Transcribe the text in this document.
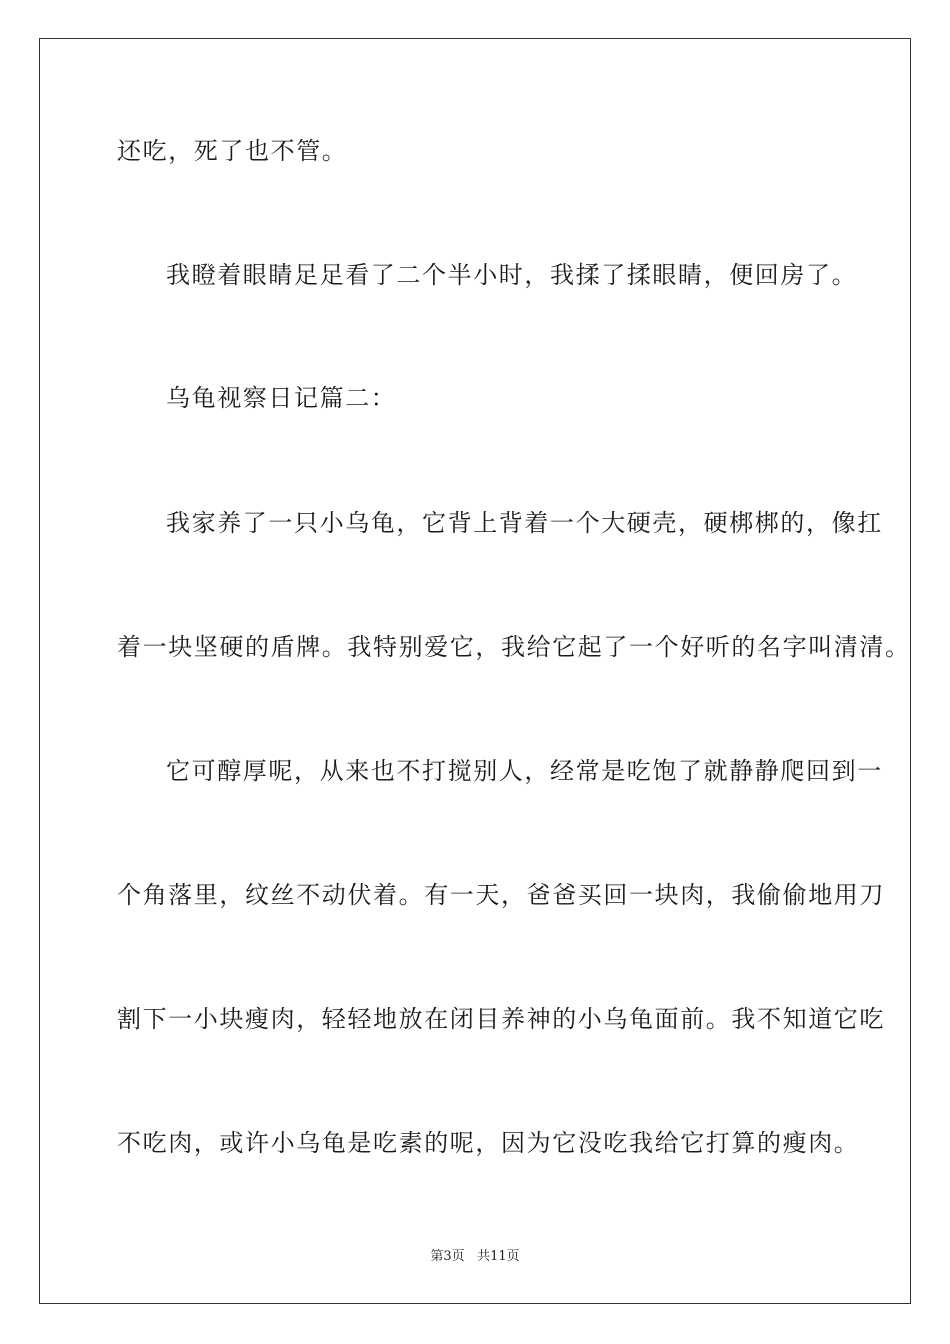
还吃，死了也不管。
我瞪着眼睛足足看了二个半小时，我揉了揉眼睛，便回房了。
乌龟视察日记篇二：
我家养了一只小乌龟，它背上背着一个大硬壳，硬梆梆的，像扛
着一块坚硬的盾牌。我特别爱它，我给它起了一个好听的名字叫清清。
它可醇厚呢，从来也不打搅别人，经常是吃饱了就静静爬回到一
个角落里，纹丝不动伏着。有一天，爸爸买回一块肉，我偷偷地用刀
割下一小块瘦肉，轻轻地放在闭目养神的小乌龟面前。我不知道它吃
不吃肉，或许小乌龟是吃素的呢，因为它没吃我给它打算的瘦肉。
第3页 共11页
